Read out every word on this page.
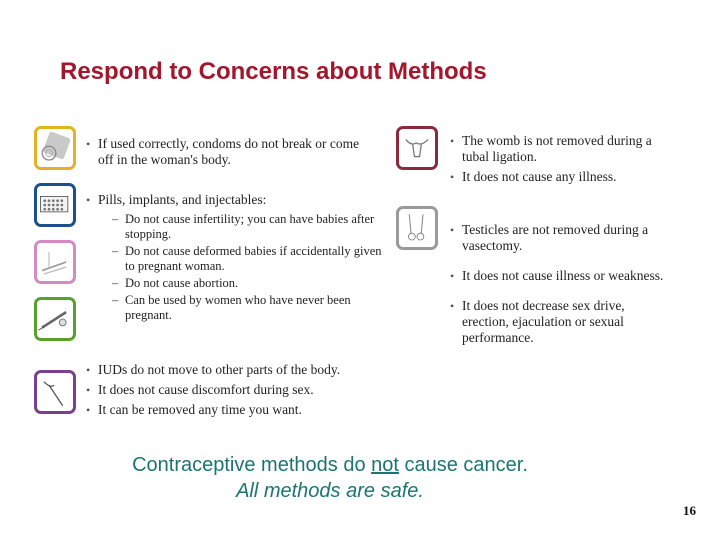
Respond to Concerns about Methods
• If used correctly, condoms do not break or come off in the woman's body.
• Pills, implants, and injectables:
– Do not cause infertility; you can have babies after stopping.
– Do not cause deformed babies if accidentally given to pregnant woman.
– Do not cause abortion.
– Can be used by women who have never been pregnant.
• IUDs do not move to other parts of the body.
• It does not cause discomfort during sex.
• It can be removed any time you want.
• The womb is not removed during a tubal ligation.
• It does not cause any illness.
• Testicles are not removed during a vasectomy.
• It does not cause illness or weakness.
• It does not decrease sex drive, erection, ejaculation or sexual performance.
Contraceptive methods do not cause cancer.
All methods are safe.
16
